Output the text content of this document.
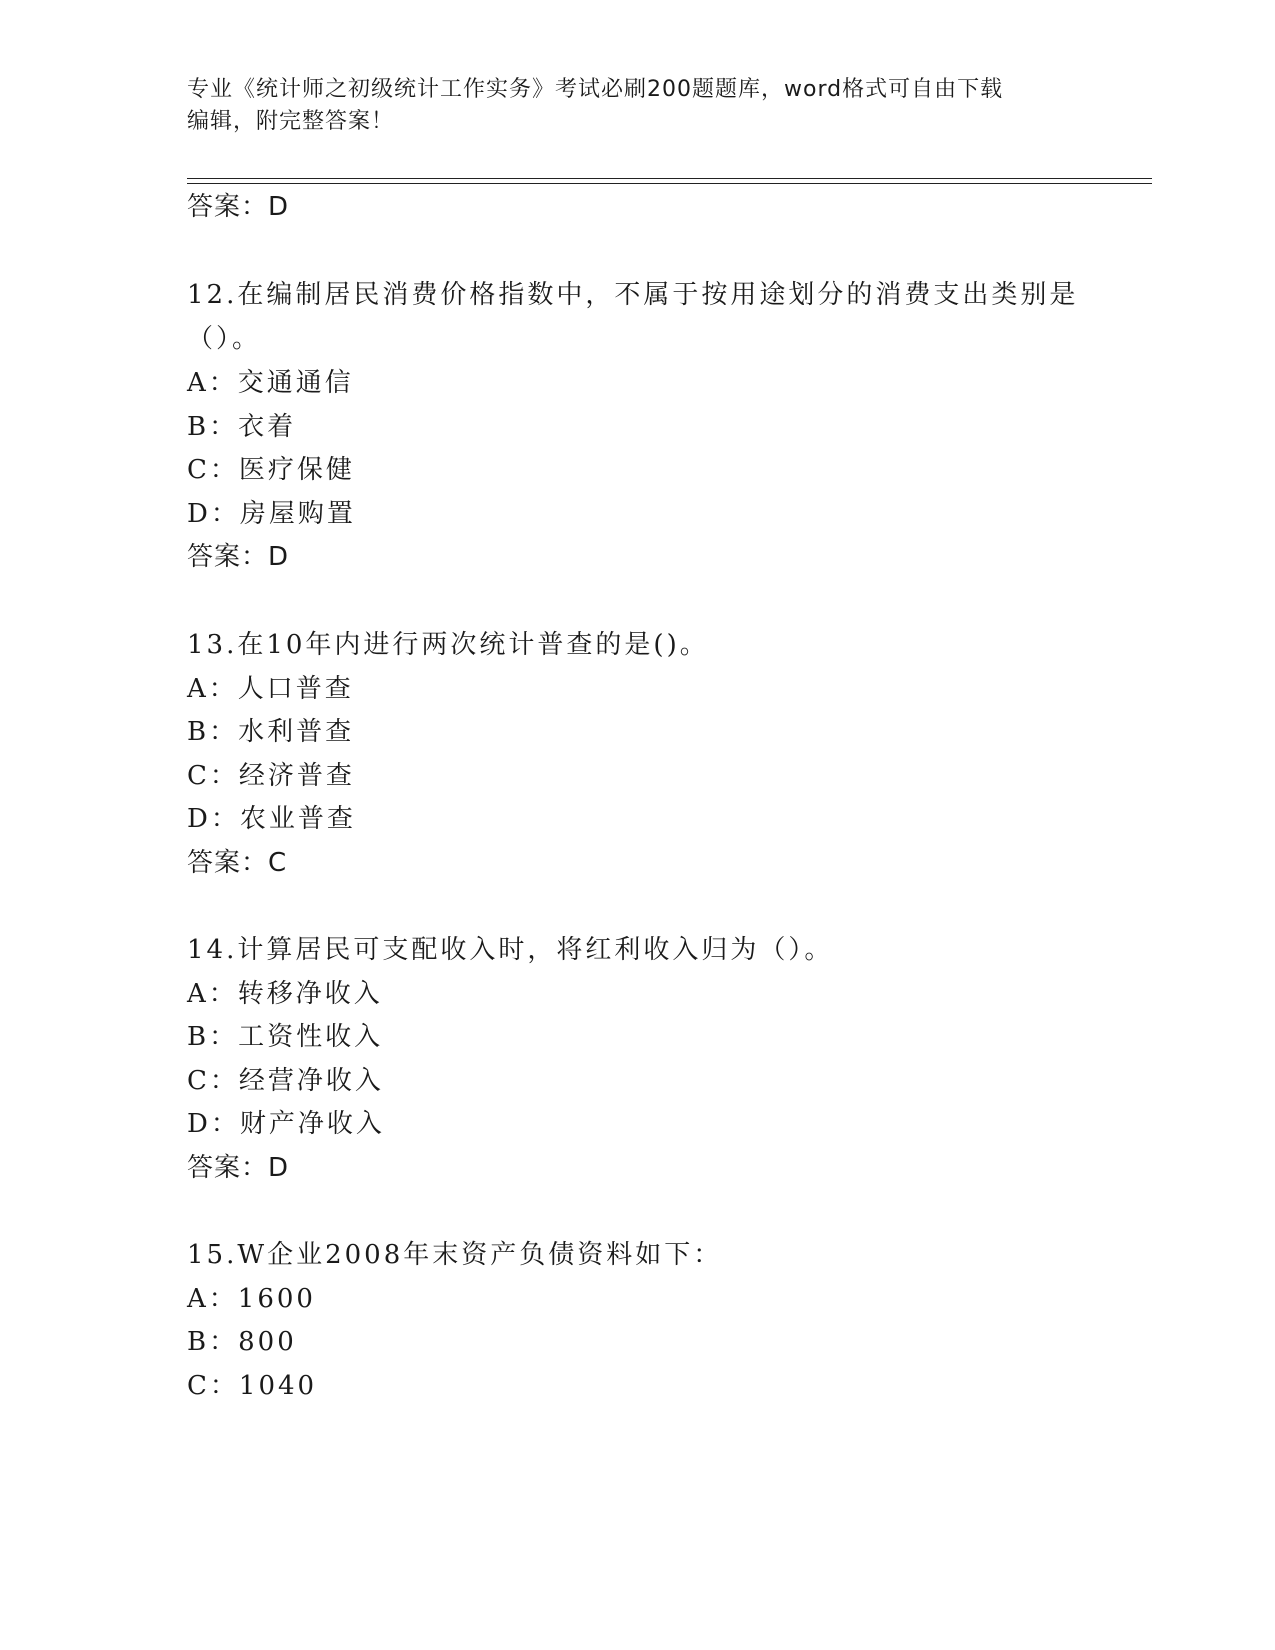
专业《统计师之初级统计工作实务》考试必刷200题题库，word格式可自由下载
编辑，附完整答案！
答案：D
12.在编制居民消费价格指数中，不属于按用途划分的消费支出类别是
（）。
A：交通通信
B：衣着
C：医疗保健
D：房屋购置
答案：D
13.在10年内进行两次统计普查的是()。
A：人口普查
B：水利普查
C：经济普查
D：农业普查
答案：C
14.计算居民可支配收入时，将红利收入归为（）。
A：转移净收入
B：工资性收入
C：经营净收入
D：财产净收入
答案：D
15.W企业2008年末资产负债资料如下：
A：1600
B：800
C：1040
